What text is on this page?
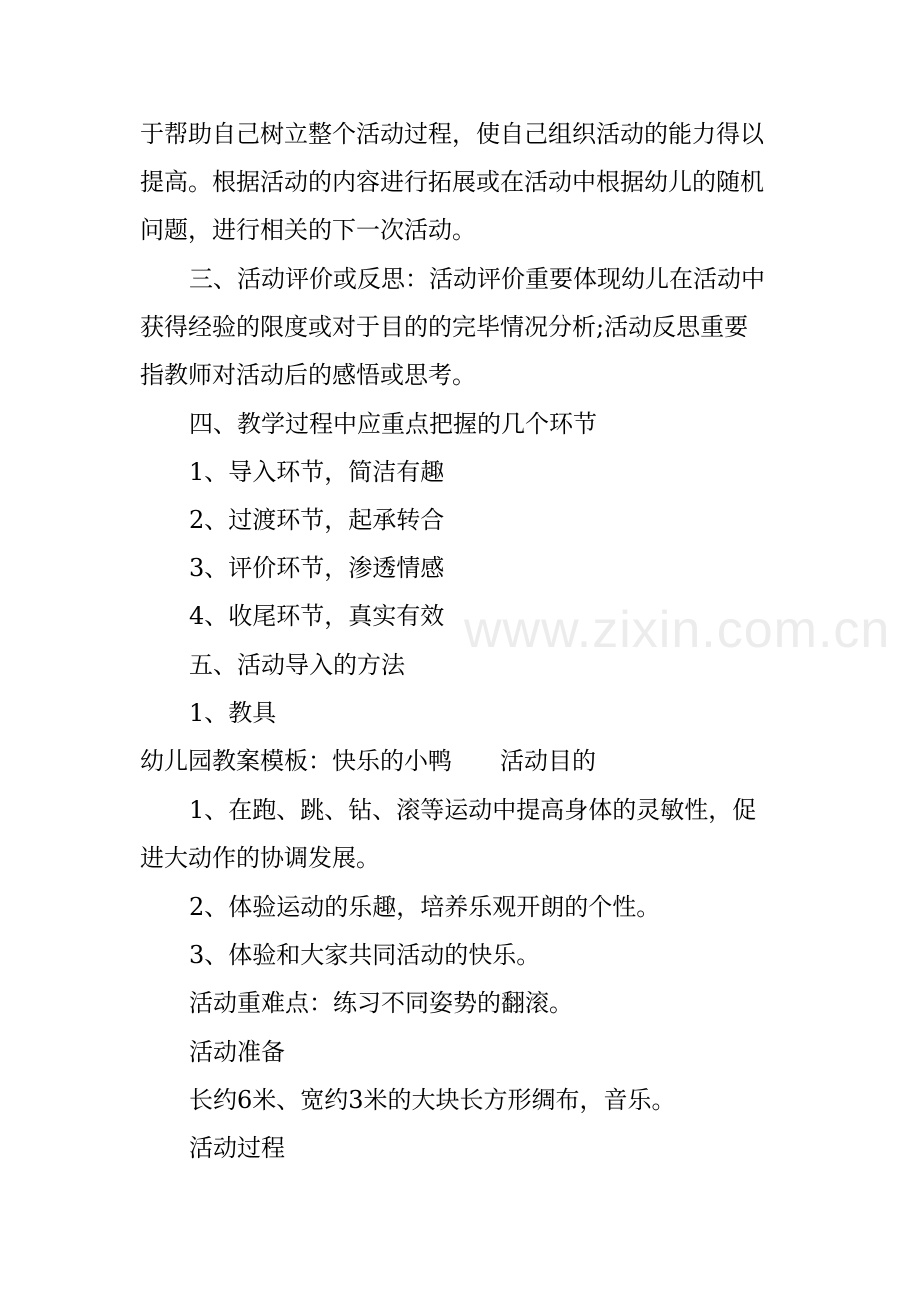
www.zixin.com.cn
于帮助自己树立整个活动过程，使自己组织活动的能力得以
提高。根据活动的内容进行拓展或在活动中根据幼儿的随机
问题，进行相关的下一次活动。
三、活动评价或反思：活动评价重要体现幼儿在活动中
获得经验的限度或对于目的的完毕情况分析;活动反思重要
指教师对活动后的感悟或思考。
四、教学过程中应重点把握的几个环节
1、导入环节，简洁有趣
2、过渡环节，起承转合
3、评价环节，渗透情感
4、收尾环节，真实有效
五、活动导入的方法
1、教具
幼儿园教案模板：快乐的小鸭 活动目的
1、在跑、跳、钻、滚等运动中提高身体的灵敏性，促
进大动作的协调发展。
2、体验运动的乐趣，培养乐观开朗的个性。
3、体验和大家共同活动的快乐。
活动重难点：练习不同姿势的翻滚。
活动准备
长约6米、宽约3米的大块长方形绸布，音乐。
活动过程
